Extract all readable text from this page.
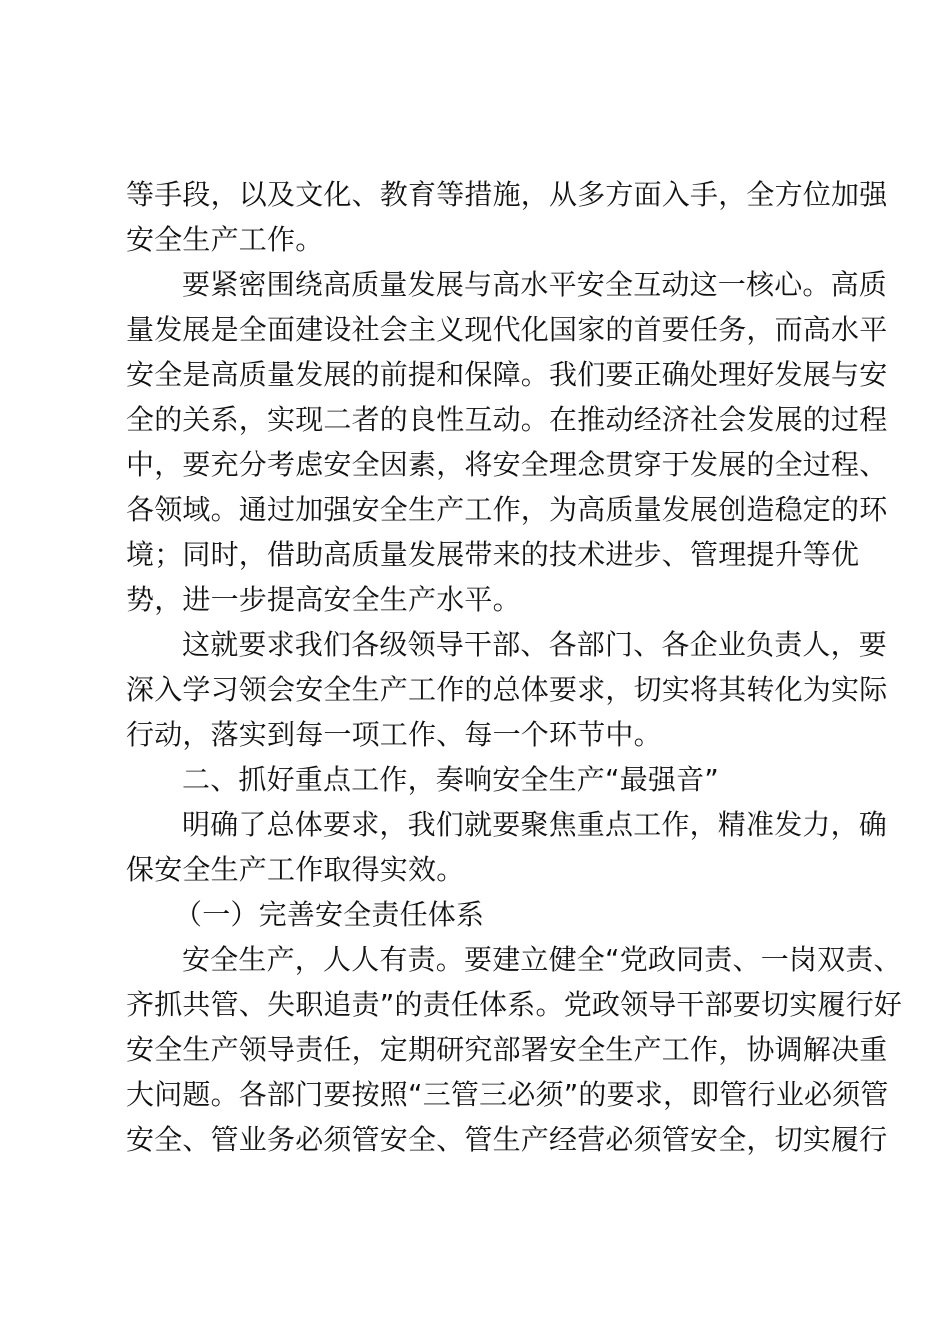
等手段，以及文化、教育等措施，从多方面入手，全方位加强
安全生产工作。
要紧密围绕高质量发展与高水平安全互动这一核心。高质
量发展是全面建设社会主义现代化国家的首要任务，而高水平
安全是高质量发展的前提和保障。我们要正确处理好发展与安
全的关系，实现二者的良性互动。在推动经济社会发展的过程
中，要充分考虑安全因素，将安全理念贯穿于发展的全过程、
各领域。通过加强安全生产工作，为高质量发展创造稳定的环
境；同时，借助高质量发展带来的技术进步、管理提升等优
势，进一步提高安全生产水平。
这就要求我们各级领导干部、各部门、各企业负责人，要
深入学习领会安全生产工作的总体要求，切实将其转化为实际
行动，落实到每一项工作、每一个环节中。
二、抓好重点工作，奏响安全生产“最强音”
明确了总体要求，我们就要聚焦重点工作，精准发力，确
保安全生产工作取得实效。
（一）完善安全责任体系
安全生产，人人有责。要建立健全“党政同责、一岗双责、
齐抓共管、失职追责”的责任体系。党政领导干部要切实履行好
安全生产领导责任，定期研究部署安全生产工作，协调解决重
大问题。各部门要按照“三管三必须”的要求，即管行业必须管
安全、管业务必须管安全、管生产经营必须管安全，切实履行
